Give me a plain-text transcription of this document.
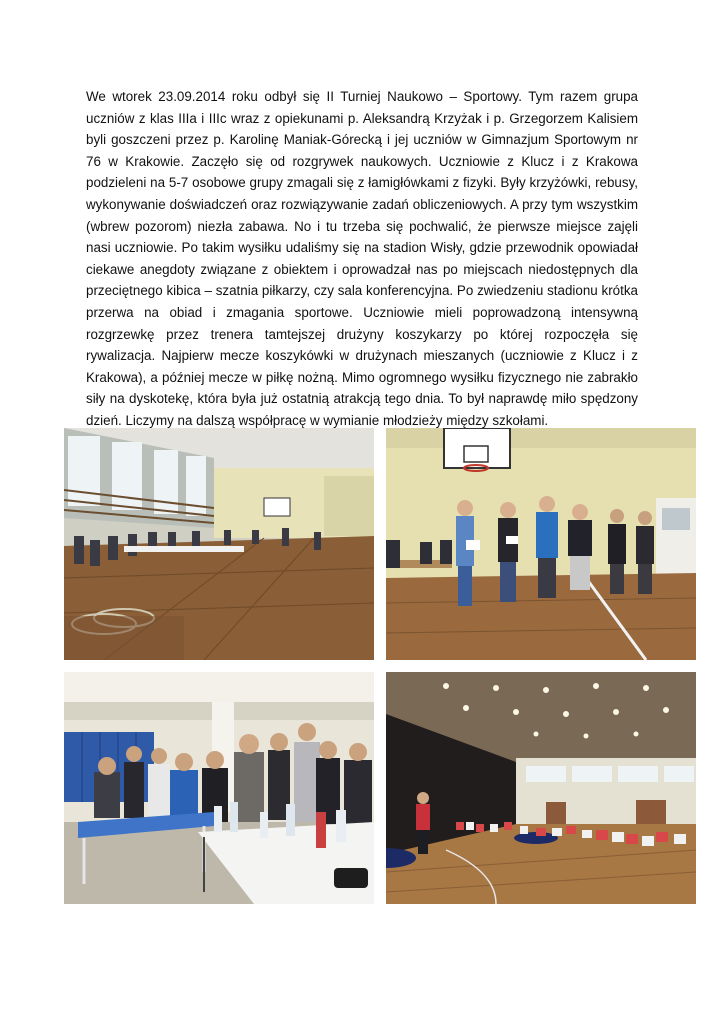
We wtorek 23.09.2014 roku odbył się II Turniej Naukowo – Sportowy. Tym razem grupa uczniów z klas IIIa i IIIc wraz z opiekunami p. Aleksandrą Krzyżak i p. Grzegorzem Kalisiem byli goszczeni przez p. Karolinę Maniak-Górecką i jej uczniów w Gimnazjum Sportowym nr 76 w Krakowie. Zaczęło się od rozgrywek naukowych. Uczniowie z Klucz i z Krakowa podzieleni na 5-7 osobowe grupy zmagali się z łamigłówkami z fizyki. Były krzyżówki, rebusy, wykonywanie doświadczeń oraz rozwiązywanie zadań obliczeniowych. A przy tym wszystkim (wbrew pozorom) niezła zabawa. No i tu trzeba się pochwalić, że pierwsze miejsce zajęli nasi uczniowie. Po takim wysiłku udaliśmy się na stadion Wisły, gdzie przewodnik opowiadał ciekawe anegdoty związane z obiektem i oprowadzał nas po miejscach niedostępnych dla przeciętnego kibica – szatnia piłkarzy, czy sala konferencyjna. Po zwiedzeniu stadionu krótka przerwa na obiad i zmagania sportowe. Uczniowie mieli poprowadzoną intensywną rozgrzewkę przez trenera tamtejszej drużyny koszykarzy po której rozpoczęła się rywalizacja. Najpierw mecze koszykówki w drużynach mieszanych (uczniowie z Klucz i z Krakowa), a później mecze w piłkę nożną. Mimo ogromnego wysiłku fizycznego nie zabrakło siły na dyskotekę, która była już ostatnią atrakcją tego dnia. To był naprawdę miło spędzony dzień. Liczymy na dalszą współpracę w wymianie młodzieży między szkołami.
